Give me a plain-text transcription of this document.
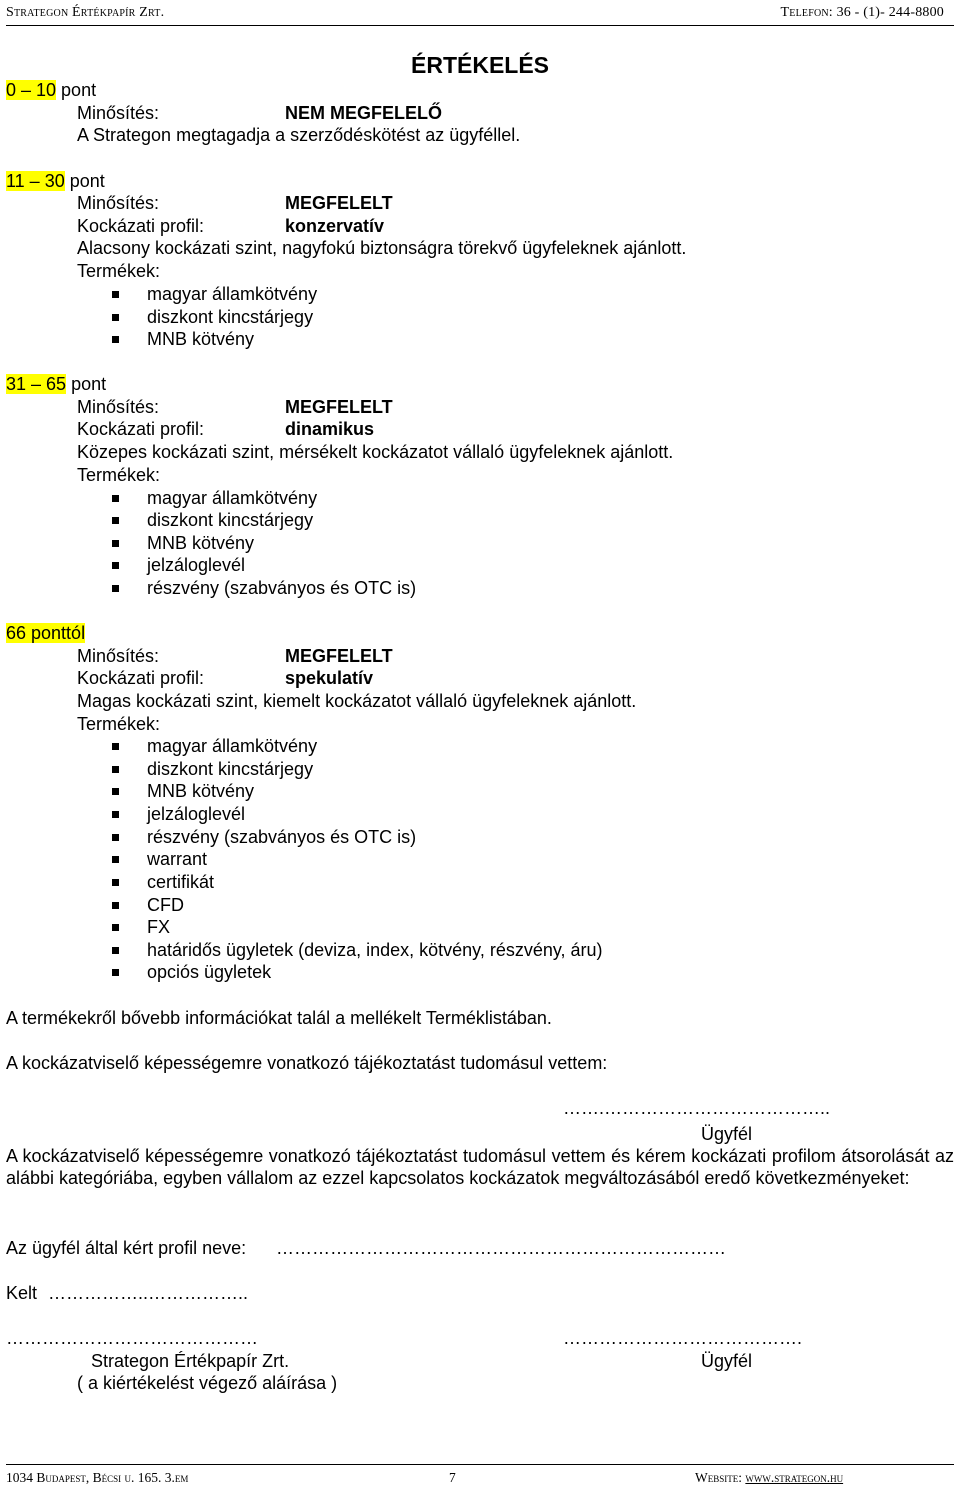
Strategon Értékpapír Zrt.	Telefon: 36 - (1)- 244-8800
ÉRTÉKELÉS
0 – 10 pont
Minősítés:	NEM MEGFELELŐ
A Strategon megtagadja a szerződéskötést az ügyféllel.
11 – 30 pont
Minősítés:	MEGFELELT
Kockázati profil:	konzervatív
Alacsony kockázati szint, nagyfokú biztonságra törekvő ügyfeleknek ajánlott.
Termékek:
magyar államkötvény
diszkont kincstárjegy
MNB kötvény
31 – 65 pont
Minősítés:	MEGFELELT
Kockázati profil:	dinamikus
Közepes kockázati szint, mérsékelt kockázatot vállaló ügyfeleknek ajánlott.
Termékek:
magyar államkötvény
diszkont kincstárjegy
MNB kötvény
jelzáloglevél
részvény (szabványos és OTC is)
66 ponttól
Minősítés:	MEGFELELT
Kockázati profil:	spekulatív
Magas kockázati szint, kiemelt kockázatot vállaló ügyfeleknek ajánlott.
Termékek:
magyar államkötvény
diszkont kincstárjegy
MNB kötvény
jelzáloglevél
részvény (szabványos és OTC is)
warrant
certifikát
CFD
FX
határidős ügyletek (deviza, index, kötvény, részvény, áru)
opciós ügyletek
A termékekről bővebb információkat talál a mellékelt Terméklistában.
A kockázatviselő képességemre vonatkozó tájékoztatást tudomásul vettem:
…….………………………………..
Ügyfél
A kockázatviselő képességemre vonatkozó tájékoztatást tudomásul vettem és kérem kockázati profilom átsorolását az alábbi kategóriába, egyben vállalom az ezzel kapcsolatos kockázatok megváltozásából eredő következményeket:
Az ügyfél által kért profil neve: …………………………………………………………………
Kelt ……………..……………..
……………………………………
Strategon Értékpapír Zrt.
( a kiértékelést végező aláírása )
………………………………….
Ügyfél
1034 Budapest, Bécsi u. 165. 3.em	7	Website: www.strategon.hu
